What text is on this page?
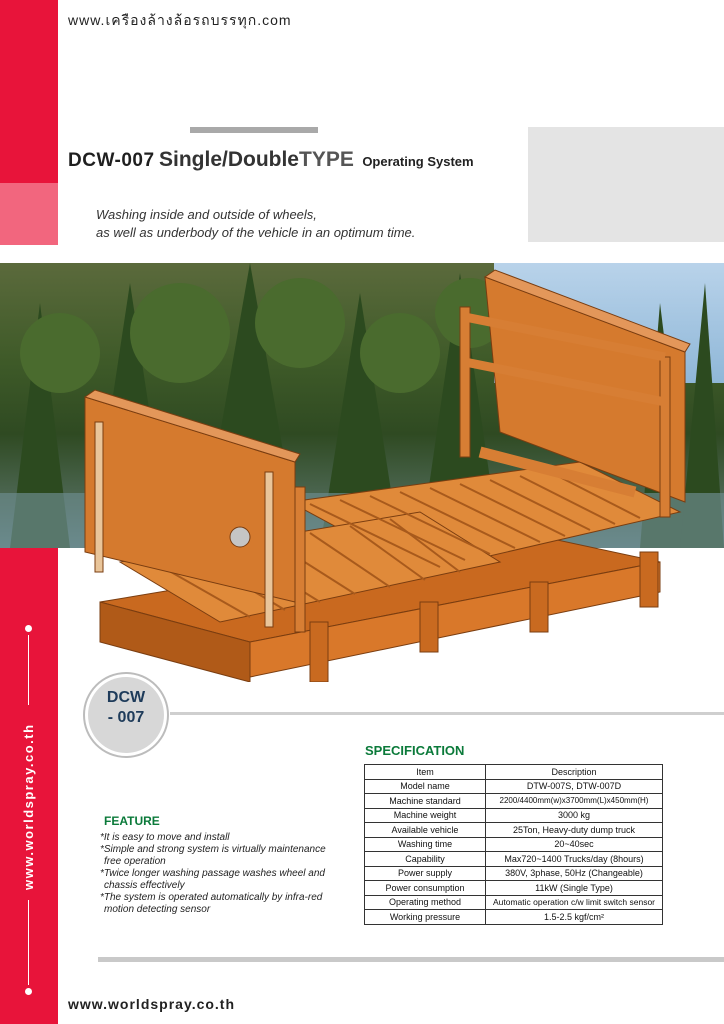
www.เครืองล้างล้อรถบรรทุก.com
DCW-007 Single/DoubleTYPE Operating System
Washing inside and outside of wheels,
as well as underbody of the vehicle in an optimum time.
DCW
- 007
www.worldspray.co.th	SPECIFICATION
Item	Description
Model name	DTW-007S, DTW-007D
Machine standard	2200/4400mm(w)x3700mm(L)x450mm(H)
Machine weight	3000 kg
Available vehicle	25Ton, Heavy-duty dump truck
Washing time	20~40sec
Capability	Max720~1400 Trucks/day (8hours)
Power supply	380V, 3phase, 50Hz (Changeable)
Power consumption	11kW (Single Type)
Operating method	Automatic operation c/w limit switch sensor
Working pressure	1.5-2.5 kgf/cm²
FEATURE
*It is easy to move and install
*Simple and strong system is virtually maintenance
free operation
*Twice longer washing passage washes wheel and
chassis effectively
*The system is operated automatically by infra-red
motion detecting sensor
www.worldspray.co.th
